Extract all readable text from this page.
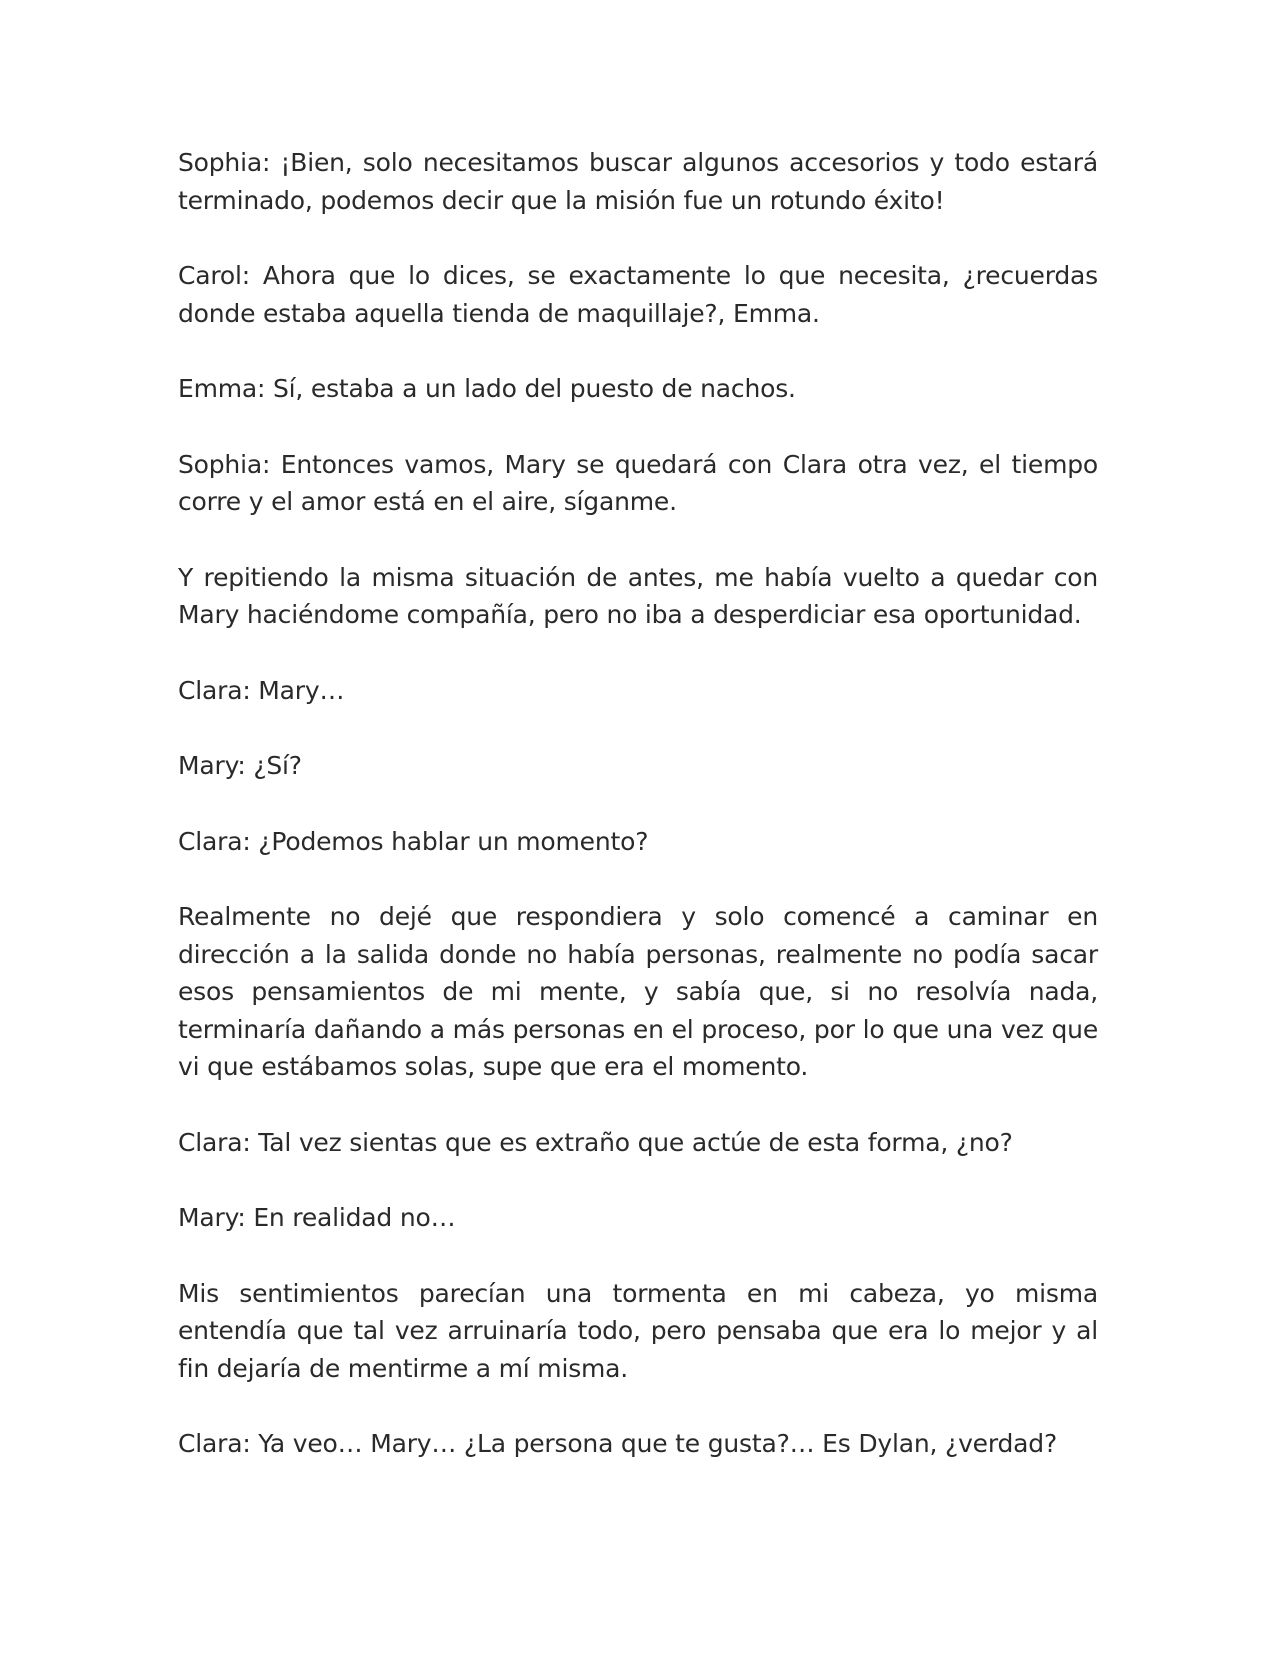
Sophia: ¡Bien, solo necesitamos buscar algunos accesorios y todo estará terminado, podemos decir que la misión fue un rotundo éxito!

Carol: Ahora que lo dices, se exactamente lo que necesita, ¿recuerdas donde estaba aquella tienda de maquillaje?, Emma.

Emma: Sí, estaba a un lado del puesto de nachos.

Sophia: Entonces vamos, Mary se quedará con Clara otra vez, el tiempo corre y el amor está en el aire, síganme.

Y repitiendo la misma situación de antes, me había vuelto a quedar con Mary haciéndome compañía, pero no iba a desperdiciar esa oportunidad.

Clara: Mary…

Mary: ¿Sí?

Clara: ¿Podemos hablar un momento?

Realmente no dejé que respondiera y solo comencé a caminar en dirección a la salida donde no había personas, realmente no podía sacar esos pensamientos de mi mente, y sabía que, si no resolvía nada, terminaría dañando a más personas en el proceso, por lo que una vez que vi que estábamos solas, supe que era el momento.

Clara: Tal vez sientas que es extraño que actúe de esta forma, ¿no?

Mary: En realidad no…

Mis sentimientos parecían una tormenta en mi cabeza, yo misma entendía que tal vez arruinaría todo, pero pensaba que era lo mejor y al fin dejaría de mentirme a mí misma.

Clara: Ya veo… Mary… ¿La persona que te gusta?… Es Dylan, ¿verdad?
